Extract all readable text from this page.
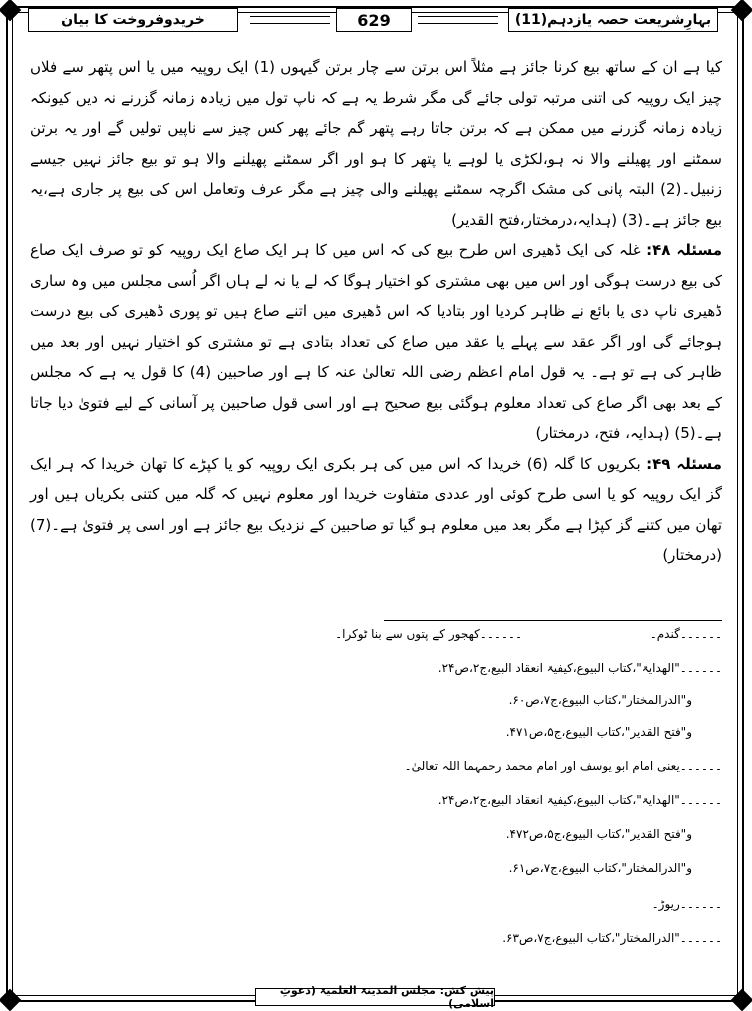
خریدوفروخت کا بیان	629	بہارِشریعت حصہ یازدہم(11)

کیا ہے ان کے ساتھ بیع کرنا جائز ہے مثلاً اس برتن سے چار برتن گیہوں (1) ایک روپیہ میں یا اس پتھر سے فلاں چیز ایک روپیہ کی اتنی مرتبہ تولی جائے گی مگر شرط یہ ہے کہ ناپ تول میں زیادہ زمانہ گزرنے نہ دیں کیونکہ زیادہ زمانہ گزرنے میں ممکن ہے کہ برتن جاتا رہے پتھر گم جائے پھر کس چیز سے ناپیں تولیں گے اور یہ برتن سمٹنے اور پھیلنے والا نہ ہو،لکڑی یا لوہے یا پتھر کا ہو اور اگر سمٹنے پھیلنے والا ہو تو بیع جائز نہیں جیسے زنبیل۔(2) البتہ پانی کی مشک اگرچہ سمٹنے پھیلنے والی چیز ہے مگر عرف وتعامل اس کی بیع پر جاری ہے،یہ بیع جائز ہے۔(3) (ہدایہ،درمختار،فتح القدیر)

مسئلہ ۴۸: غلہ کی ایک ڈھیری اس طرح بیع کی کہ اس میں کا ہر ایک صاع ایک روپیہ کو تو صرف ایک صاع کی بیع درست ہوگی اور اس میں بھی مشتری کو اختیار ہوگا کہ لے یا نہ لے ہاں اگر اُسی مجلس میں وہ ساری ڈھیری ناپ دی یا بائع نے ظاہر کردیا اور بتادیا کہ اس ڈھیری میں اتنے صاع ہیں تو پوری ڈھیری کی بیع درست ہوجائے گی اور اگر عقد سے پہلے یا عقد میں صاع کی تعداد بتادی ہے تو مشتری کو اختیار نہیں اور بعد میں ظاہر کی ہے تو ہے۔ یہ قول امام اعظم رضی اللہ تعالیٰ عنہ کا ہے اور صاحبین (4) کا قول یہ ہے کہ مجلس کے بعد بھی اگر صاع کی تعداد معلوم ہوگئی بیع صحیح ہے اور اسی قول صاحبین پر آسانی کے لیے فتویٰ دیا جاتا ہے۔(5) (ہدایہ، فتح، درمختار)

مسئلہ ۴۹: بکریوں کا گلہ (6) خریدا کہ اس میں کی ہر بکری ایک روپیہ کو یا کپڑے کا تھان خریدا کہ ہر ایک گز ایک روپیہ کو یا اسی طرح کوئی اور عددی متفاوت خریدا اور معلوم نہیں کہ گلہ میں کتنی بکریاں ہیں اور تھان میں کتنے گز کپڑا ہے مگر بعد میں معلوم ہو گیا تو صاحبین کے نزدیک بیع جائز ہے اور اسی پر فتویٰ ہے۔(7) (درمختار)

۔۔۔۔۔۔گندم۔
۔۔۔۔۔۔کھجور کے پتوں سے بنا ٹوکرا۔
۔۔۔۔۔۔"الھدایۃ"،کتاب البیوع،کیفیۃ انعقاد البیع،ج۲،ص۲۴.
و"الدرالمختار"،کتاب البیوع،ج۷،ص۶۰.
و"فتح القدیر"،کتاب البیوع،ج۵،ص۴۷۱.
۔۔۔۔۔۔یعنی امام ابو یوسف اور امام محمد رحمہما اللہ تعالیٰ۔
۔۔۔۔۔۔"الھدایۃ"،کتاب البیوع،کیفیۃ انعقاد البیع،ج۲،ص۲۴.
و"فتح القدیر"،کتاب البیوع،ج۵،ص۴۷۲.
و"الدرالمختار"،کتاب البیوع،ج۷،ص۶۱.
۔۔۔۔۔۔ریوڑ۔
۔۔۔۔۔۔"الدرالمختار"،کتاب البیوع،ج۷،ص۶۳.
پیش کش: مجلس المدینۃ العلمیۃ (دعوتِ اسلامی)
